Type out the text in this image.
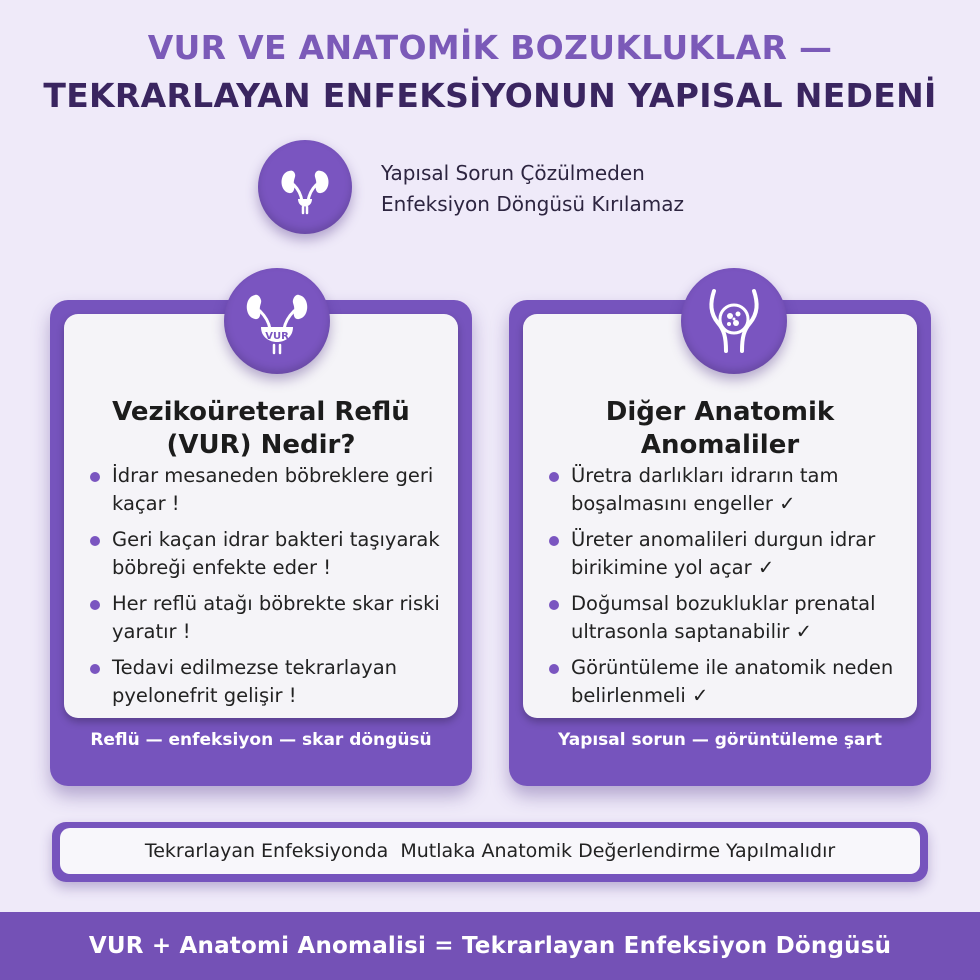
VUR VE ANATOMİK BOZUKLUKLAR —
TEKRARLAYAN ENFEKSİYONUN YAPISAL NEDENİ
Yapısal Sorun Çözülmeden
Enfeksiyon Döngüsü Kırılamaz
VUR
Vezikoüreteral Reflü
(VUR) Nedir?
İdrar mesaneden böbreklere geri kaçar !
Geri kaçan idrar bakteri taşıyarak böbreği enfekte eder !
Her reflü atağı böbrekte skar riski yaratır !
Tedavi edilmezse tekrarlayan pyelonefrit gelişir !
Reflü — enfeksiyon — skar döngüsü
Diğer Anatomik
Anomaliler
Üretra darlıkları idrarın tam boşalmasını engeller ✓
Üreter anomalileri durgun idrar birikimine yol açar ✓
Doğumsal bozukluklar prenatal ultrasonla saptanabilir ✓
Görüntüleme ile anatomik neden belirlenmeli ✓
Yapısal sorun — görüntüleme şart
Tekrarlayan Enfeksiyonda  Mutlaka Anatomik Değerlendirme Yapılmalıdır
VUR + Anatomi Anomalisi = Tekrarlayan Enfeksiyon Döngüsü
